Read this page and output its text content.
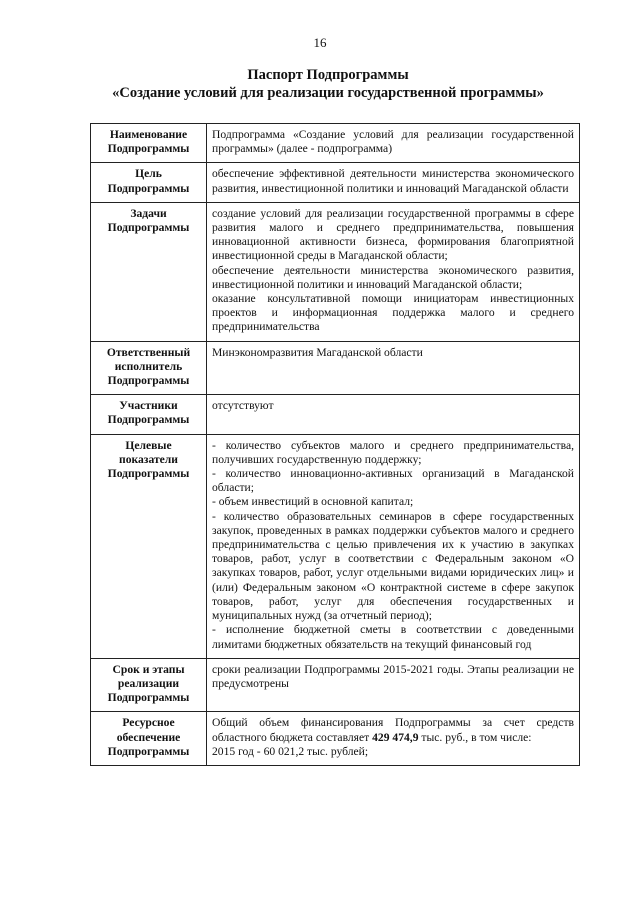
16
Паспорт Подпрограммы
«Создание условий для реализации государственной программы»
Наименование Подпрограммы	Подпрограмма «Создание условий для реализации государственной программы» (далее - подпрограмма)

Цель Подпрограммы	обеспечение эффективной деятельности министерства экономического развития, инвестиционной политики и инноваций Магаданской области

Задачи Подпрограммы	создание условий для реализации государственной программы в сфере развития малого и среднего предпринимательства, повышения инновационной активности бизнеса, формирования благоприятной инвестиционной среды в Магаданской области;
обеспечение деятельности министерства экономического развития, инвестиционной политики и инноваций Магаданской области;
оказание консультативной помощи инициаторам инвестиционных проектов и информационная поддержка малого и среднего предпринимательства

Ответственный исполнитель Подпрограммы	Минэкономразвития Магаданской области

Участники Подпрограммы	отсутствуют

Целевые показатели Подпрограммы	- количество субъектов малого и среднего предпринимательства, получивших государственную поддержку;
- количество инновационно-активных организаций в Магаданской области;
- объем инвестиций в основной капитал;
- количество образовательных семинаров в сфере государственных закупок, проведенных в рамках поддержки субъектов малого и среднего предпринимательства с целью привлечения их к участию в закупках товаров, работ, услуг в соответствии с Федеральным законом «О закупках товаров, работ, услуг отдельными видами юридических лиц» и (или) Федеральным законом «О контрактной системе в сфере закупок товаров, работ, услуг для обеспечения государственных и муниципальных нужд (за отчетный период);
- исполнение бюджетной сметы в соответствии с доведенными лимитами бюджетных обязательств на текущий финансовый год

Срок и этапы реализации Подпрограммы	сроки реализации Подпрограммы 2015-2021 годы. Этапы реализации не предусмотрены

Ресурсное обеспечение Подпрограммы	Общий объем финансирования Подпрограммы за счет средств областного бюджета составляет 429 474,9 тыс. руб., в том числе:
2015 год - 60 021,2 тыс. рублей;
